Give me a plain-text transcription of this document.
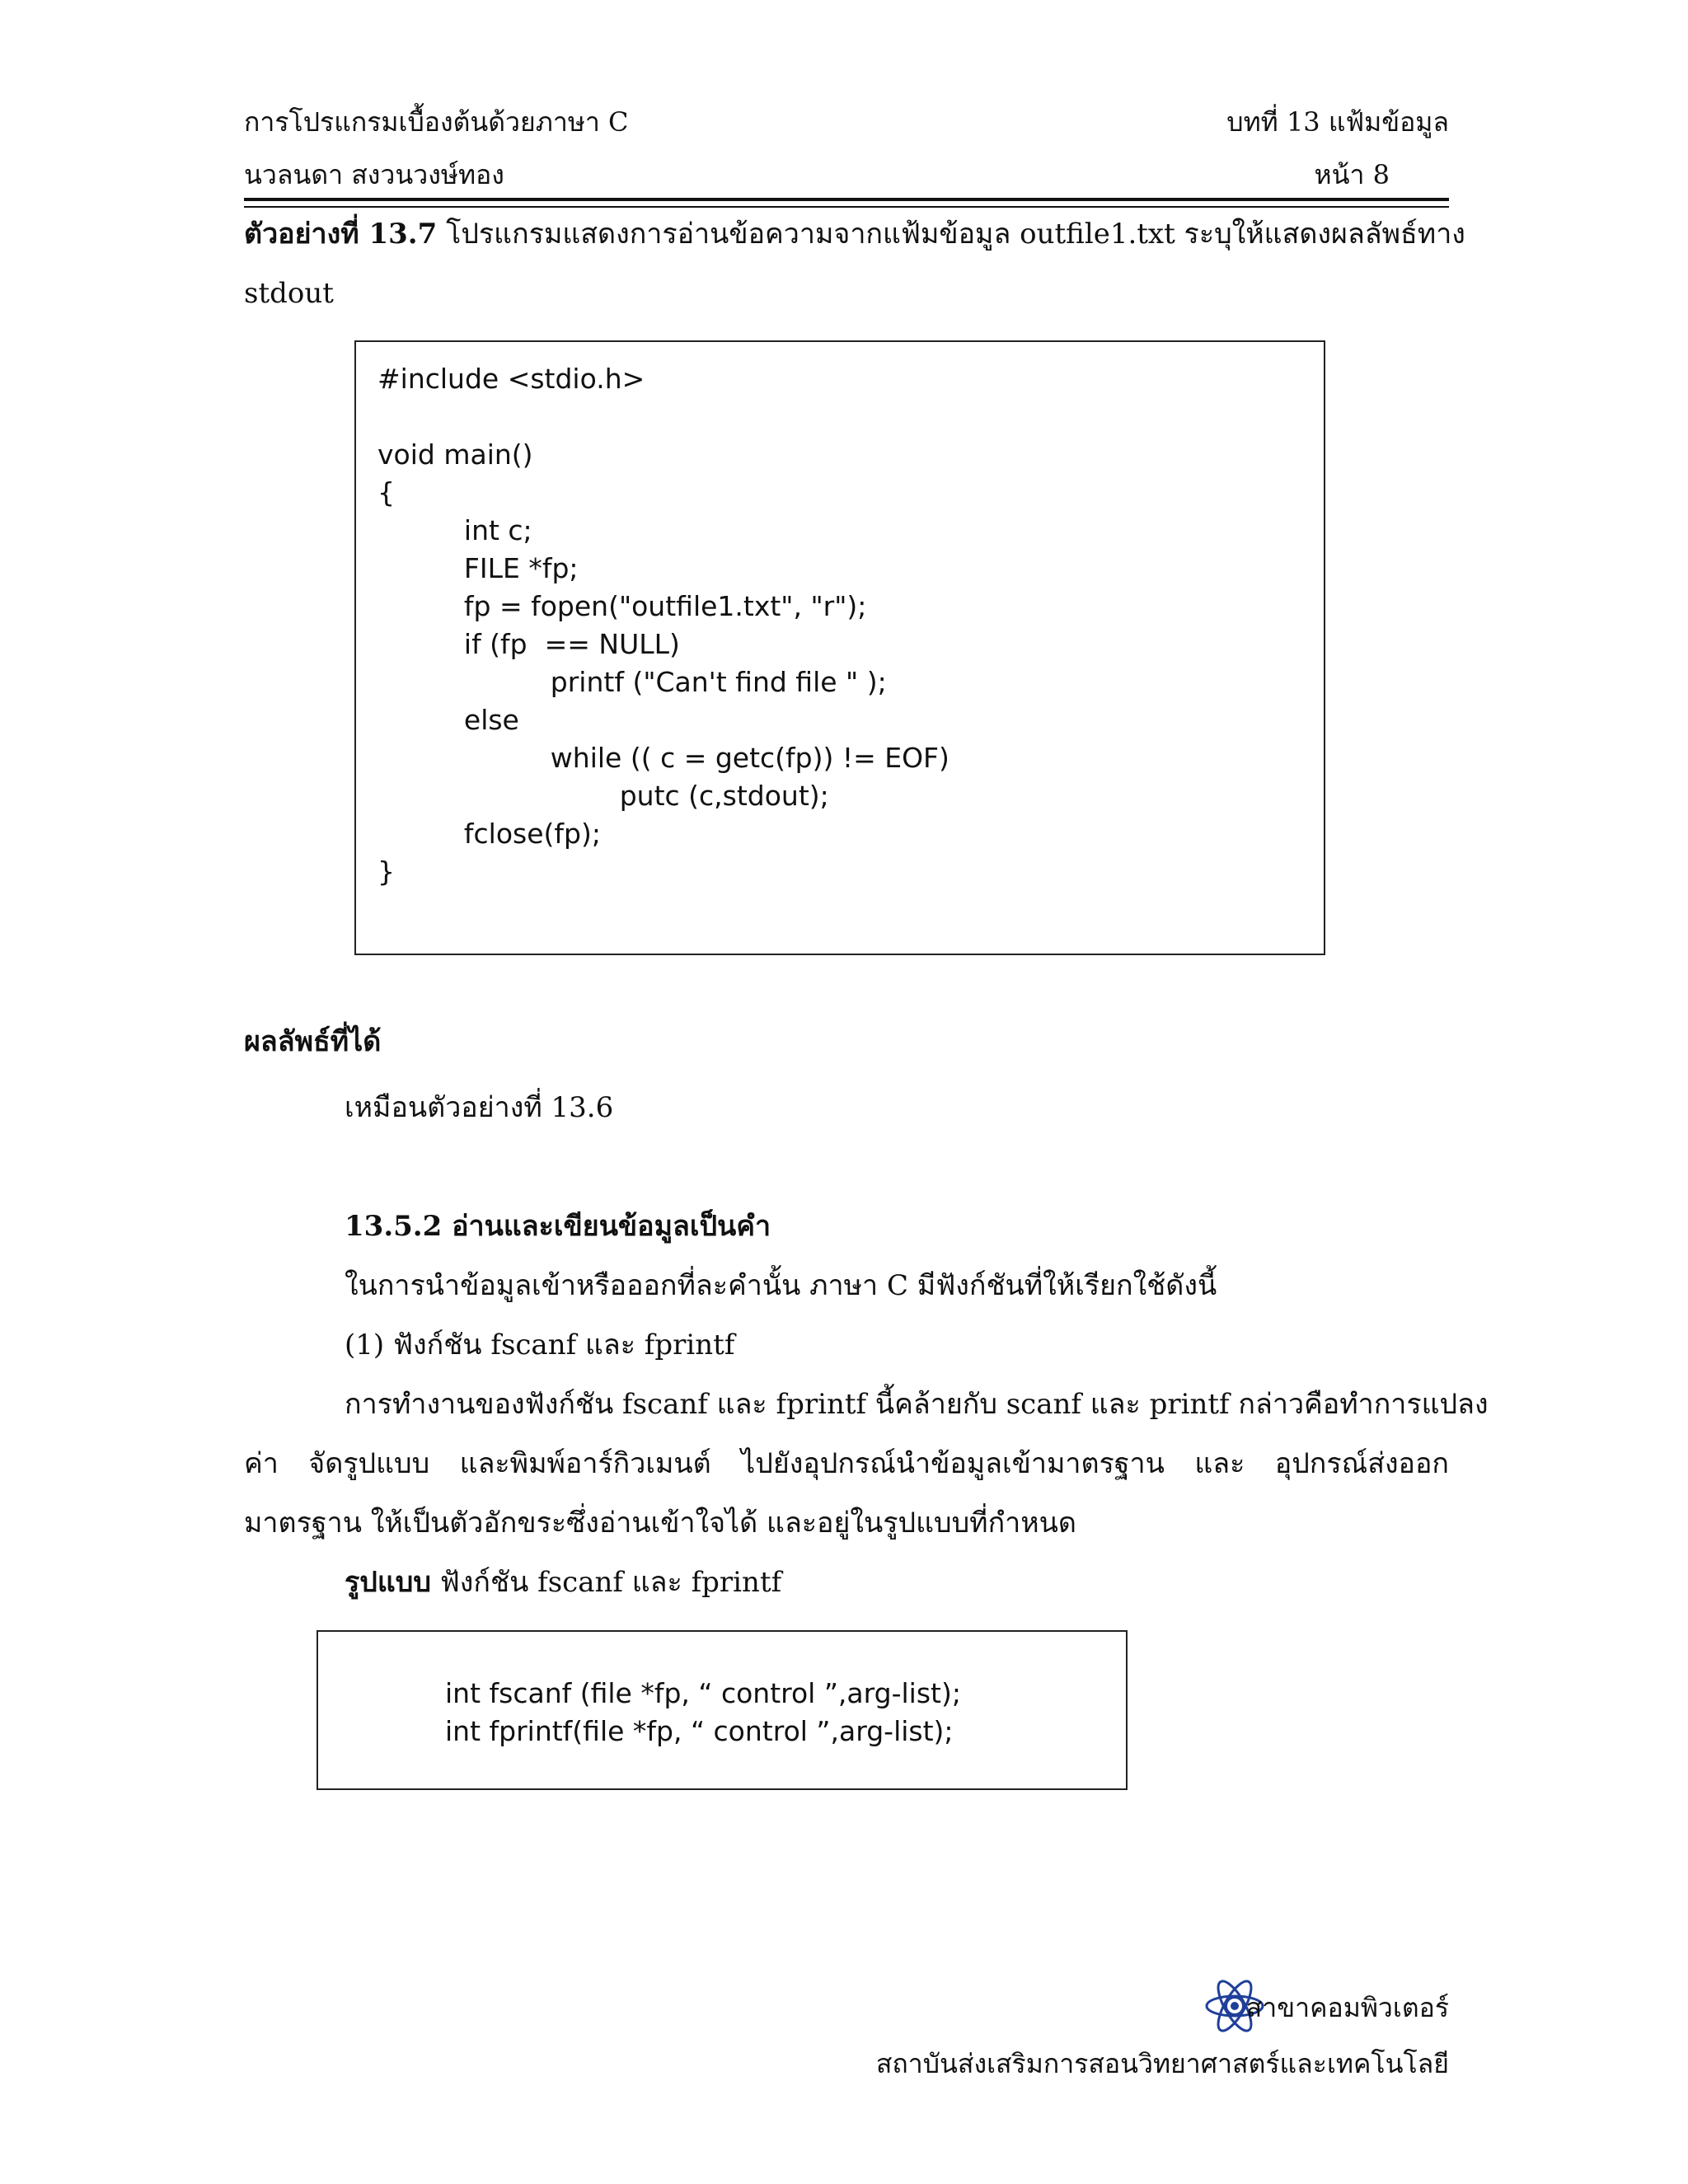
การโปรแกรมเบื้องต้นด้วยภาษา C	บทที่ 13 แฟ้มข้อมูล
นวลนดา สงวนวงษ์ทอง	หน้า 8
ตัวอย่างที่ 13.7 โปรแกรมแสดงการอ่านข้อความจากแฟ้มข้อมูล outfile1.txt ระบุให้แสดงผลลัพธ์ทาง
stdout
#include <stdio.h>
void main()
{
int c;
FILE *fp;
fp = fopen("outfile1.txt", "r");
if (fp  == NULL)
printf ("Can't find file " );
else
while (( c = getc(fp)) != EOF)
putc (c,stdout);
fclose(fp);
}
ผลลัพธ์ที่ได้
เหมือนตัวอย่างที่ 13.6
13.5.2 อ่านและเขียนข้อมูลเป็นคำ
ในการนำข้อมูลเข้าหรือออกที่ละคำนั้น ภาษา C มีฟังก์ชันที่ให้เรียกใช้ดังนี้
(1) ฟังก์ชัน fscanf และ fprintf
การทำงานของฟังก์ชัน fscanf และ fprintf นี้คล้ายกับ scanf และ printf กล่าวคือทำการแปลง
ค่า จัดรูปแบบ และพิมพ์อาร์กิวเมนต์ ไปยังอุปกรณ์นำข้อมูลเข้ามาตรฐาน และ อุปกรณ์ส่งออก
มาตรฐาน ให้เป็นตัวอักขระซึ่งอ่านเข้าใจได้ และอยู่ในรูปแบบที่กำหนด
รูปแบบ ฟังก์ชัน fscanf และ fprintf
int fscanf (file *fp, “ control ”,arg-list);
int fprintf(file *fp, “ control ”,arg-list);
สาขาคอมพิวเตอร์
สถาบันส่งเสริมการสอนวิทยาศาสตร์และเทคโนโลยี
